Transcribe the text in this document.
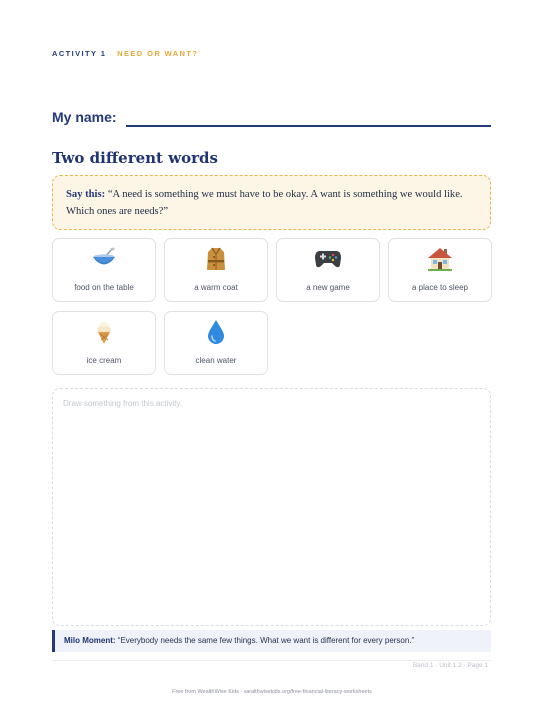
ACTIVITY 1 · NEED OR WANT?
My name:
Two different words
Say this: “A need is something we must have to be okay. A want is something we would like. Which ones are needs?”
food on the table	a warm coat	a new game	a place to sleep
ice cream	clean water
Draw something from this activity.
Milo Moment: “Everybody needs the same few things. What we want is different for every person.”
Band 1 · Unit 1.2 · Page 1
Free from WealthWise Kids · wealthwisekids.org/free-financial-literacy-worksheets
